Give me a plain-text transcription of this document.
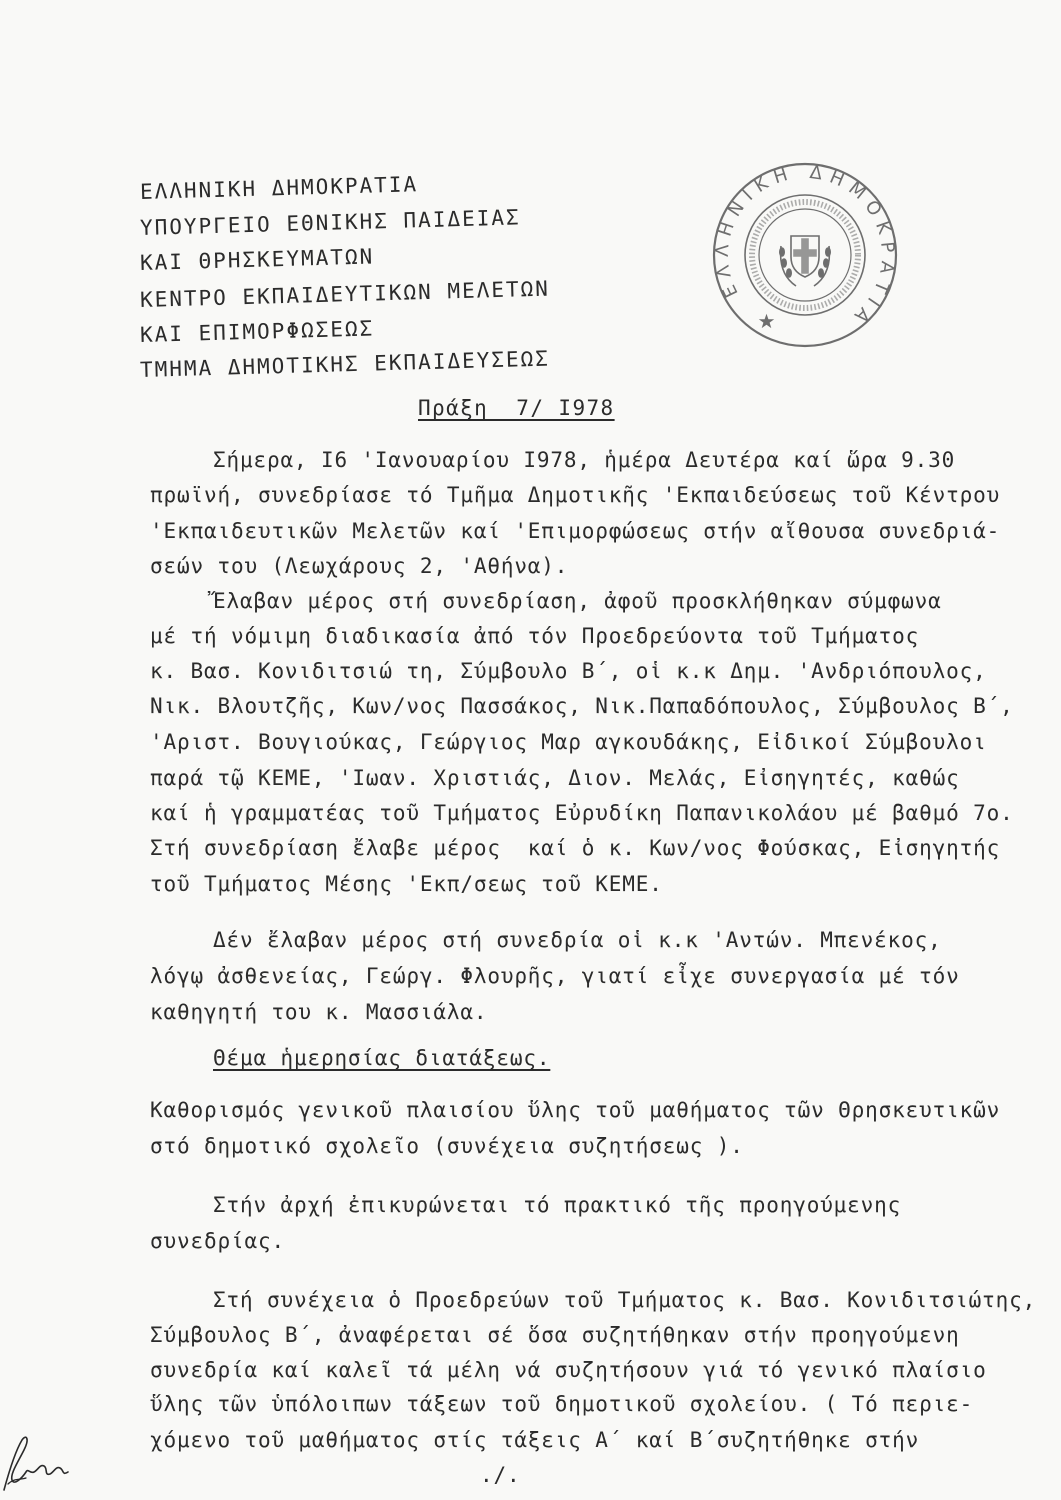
ΕΛΛΗΝΙΚΗ ΔΗΜΟΚΡΑΤΙΑ
ΥΠΟΥΡΓΕΙΟ ΕΘΝΙΚΗΣ ΠΑΙΔΕΙΑΣ
ΚΑΙ ΘΡΗΣΚΕΥΜΑΤΩΝ
ΚΕΝΤΡΟ ΕΚΠΑΙΔΕΥΤΙΚΩΝ ΜΕΛΕΤΩΝ
ΚΑΙ ΕΠΙΜΟΡΦΩΣΕΩΣ
ΤΜΗΜΑ ΔΗΜΟΤΙΚΗΣ ΕΚΠΑΙΔΕΥΣΕΩΣ
ΕΛΛΗΝΙΚΗ ΔΗΜΟΚΡΑΤΙΑ
Πράξη  7/ I978
Σήμερα, I6 'Ιανουαρίου I978, ἡμέρα Δευτέρα καί ὥρα 9.30
πρωϊνή, συνεδρίασε τό Τμῆμα Δημοτικῆς 'Εκπαιδεύσεως τοῦ Κέντρου
'Εκπαιδευτικῶν Μελετῶν καί 'Επιμορφώσεως στήν αἴθουσα συνεδριά-
σεών του (Λεωχάρους 2, 'Αθήνα).
Ἔλαβαν μέρος στή συνεδρίαση, ἀφοῦ προσκλήθηκαν σύμφωνα
μέ τή νόμιμη διαδικασία ἀπό τόν Προεδρεύοντα τοῦ Τμήματος
κ. Βασ. Κονιδιτσιώ τη, Σύμβουλο Β΄, οἱ κ.κ Δημ. 'Ανδριόπουλος,
Νικ. Βλουτζῆς, Κων/νος Πασσάκος, Νικ.Παπαδόπουλος, Σύμβουλος Β΄,
'Αριστ. Βουγιούκας, Γεώργιος Μαρ αγκουδάκης, Εἰδικοί Σύμβουλοι
παρά τῷ ΚΕΜΕ, 'Ιωαν. Χριστιάς, Διον. Μελάς, Εἰσηγητές, καθώς
καί ἡ γραμματέας τοῦ Τμήματος Εὐρυδίκη Παπανικολάου μέ βαθμό 7ο.
Στή συνεδρίαση ἔλαβε μέρος  καί ὁ κ. Κων/νος Φούσκας, Εἰσηγητής
τοῦ Τμήματος Μέσης 'Εκπ/σεως τοῦ ΚΕΜΕ.
Δέν ἔλαβαν μέρος στή συνεδρία οἱ κ.κ 'Αντών. Μπενέκος,
λόγῳ ἀσθενείας, Γεώργ. Φλουρῆς, γιατί εἶχε συνεργασία μέ τόν
καθηγητή του κ. Μασσιάλα.
Θέμα ἡμερησίας διατάξεως.
Καθορισμός γενικοῦ πλαισίου ὕλης τοῦ μαθήματος τῶν Θρησκευτικῶν
στό δημοτικό σχολεῖο (συνέχεια συζητήσεως ).
Στήν ἀρχή ἐπικυρώνεται τό πρακτικό τῆς προηγούμενης
συνεδρίας.
Στή συνέχεια ὁ Προεδρεύων τοῦ Τμήματος κ. Βασ. Κονιδιτσιώτης,
Σύμβουλος Β΄, ἀναφέρεται σέ ὅσα συζητήθηκαν στήν προηγούμενη
συνεδρία καί καλεῖ τά μέλη νά συζητήσουν γιά τό γενικό πλαίσιο
ὕλης τῶν ὑπόλοιπων τάξεων τοῦ δημοτικοῦ σχολείου. ( Τό περιε-
χόμενο τοῦ μαθήματος στίς τάξεις Α΄ καί Β΄συζητήθηκε στήν
./.
